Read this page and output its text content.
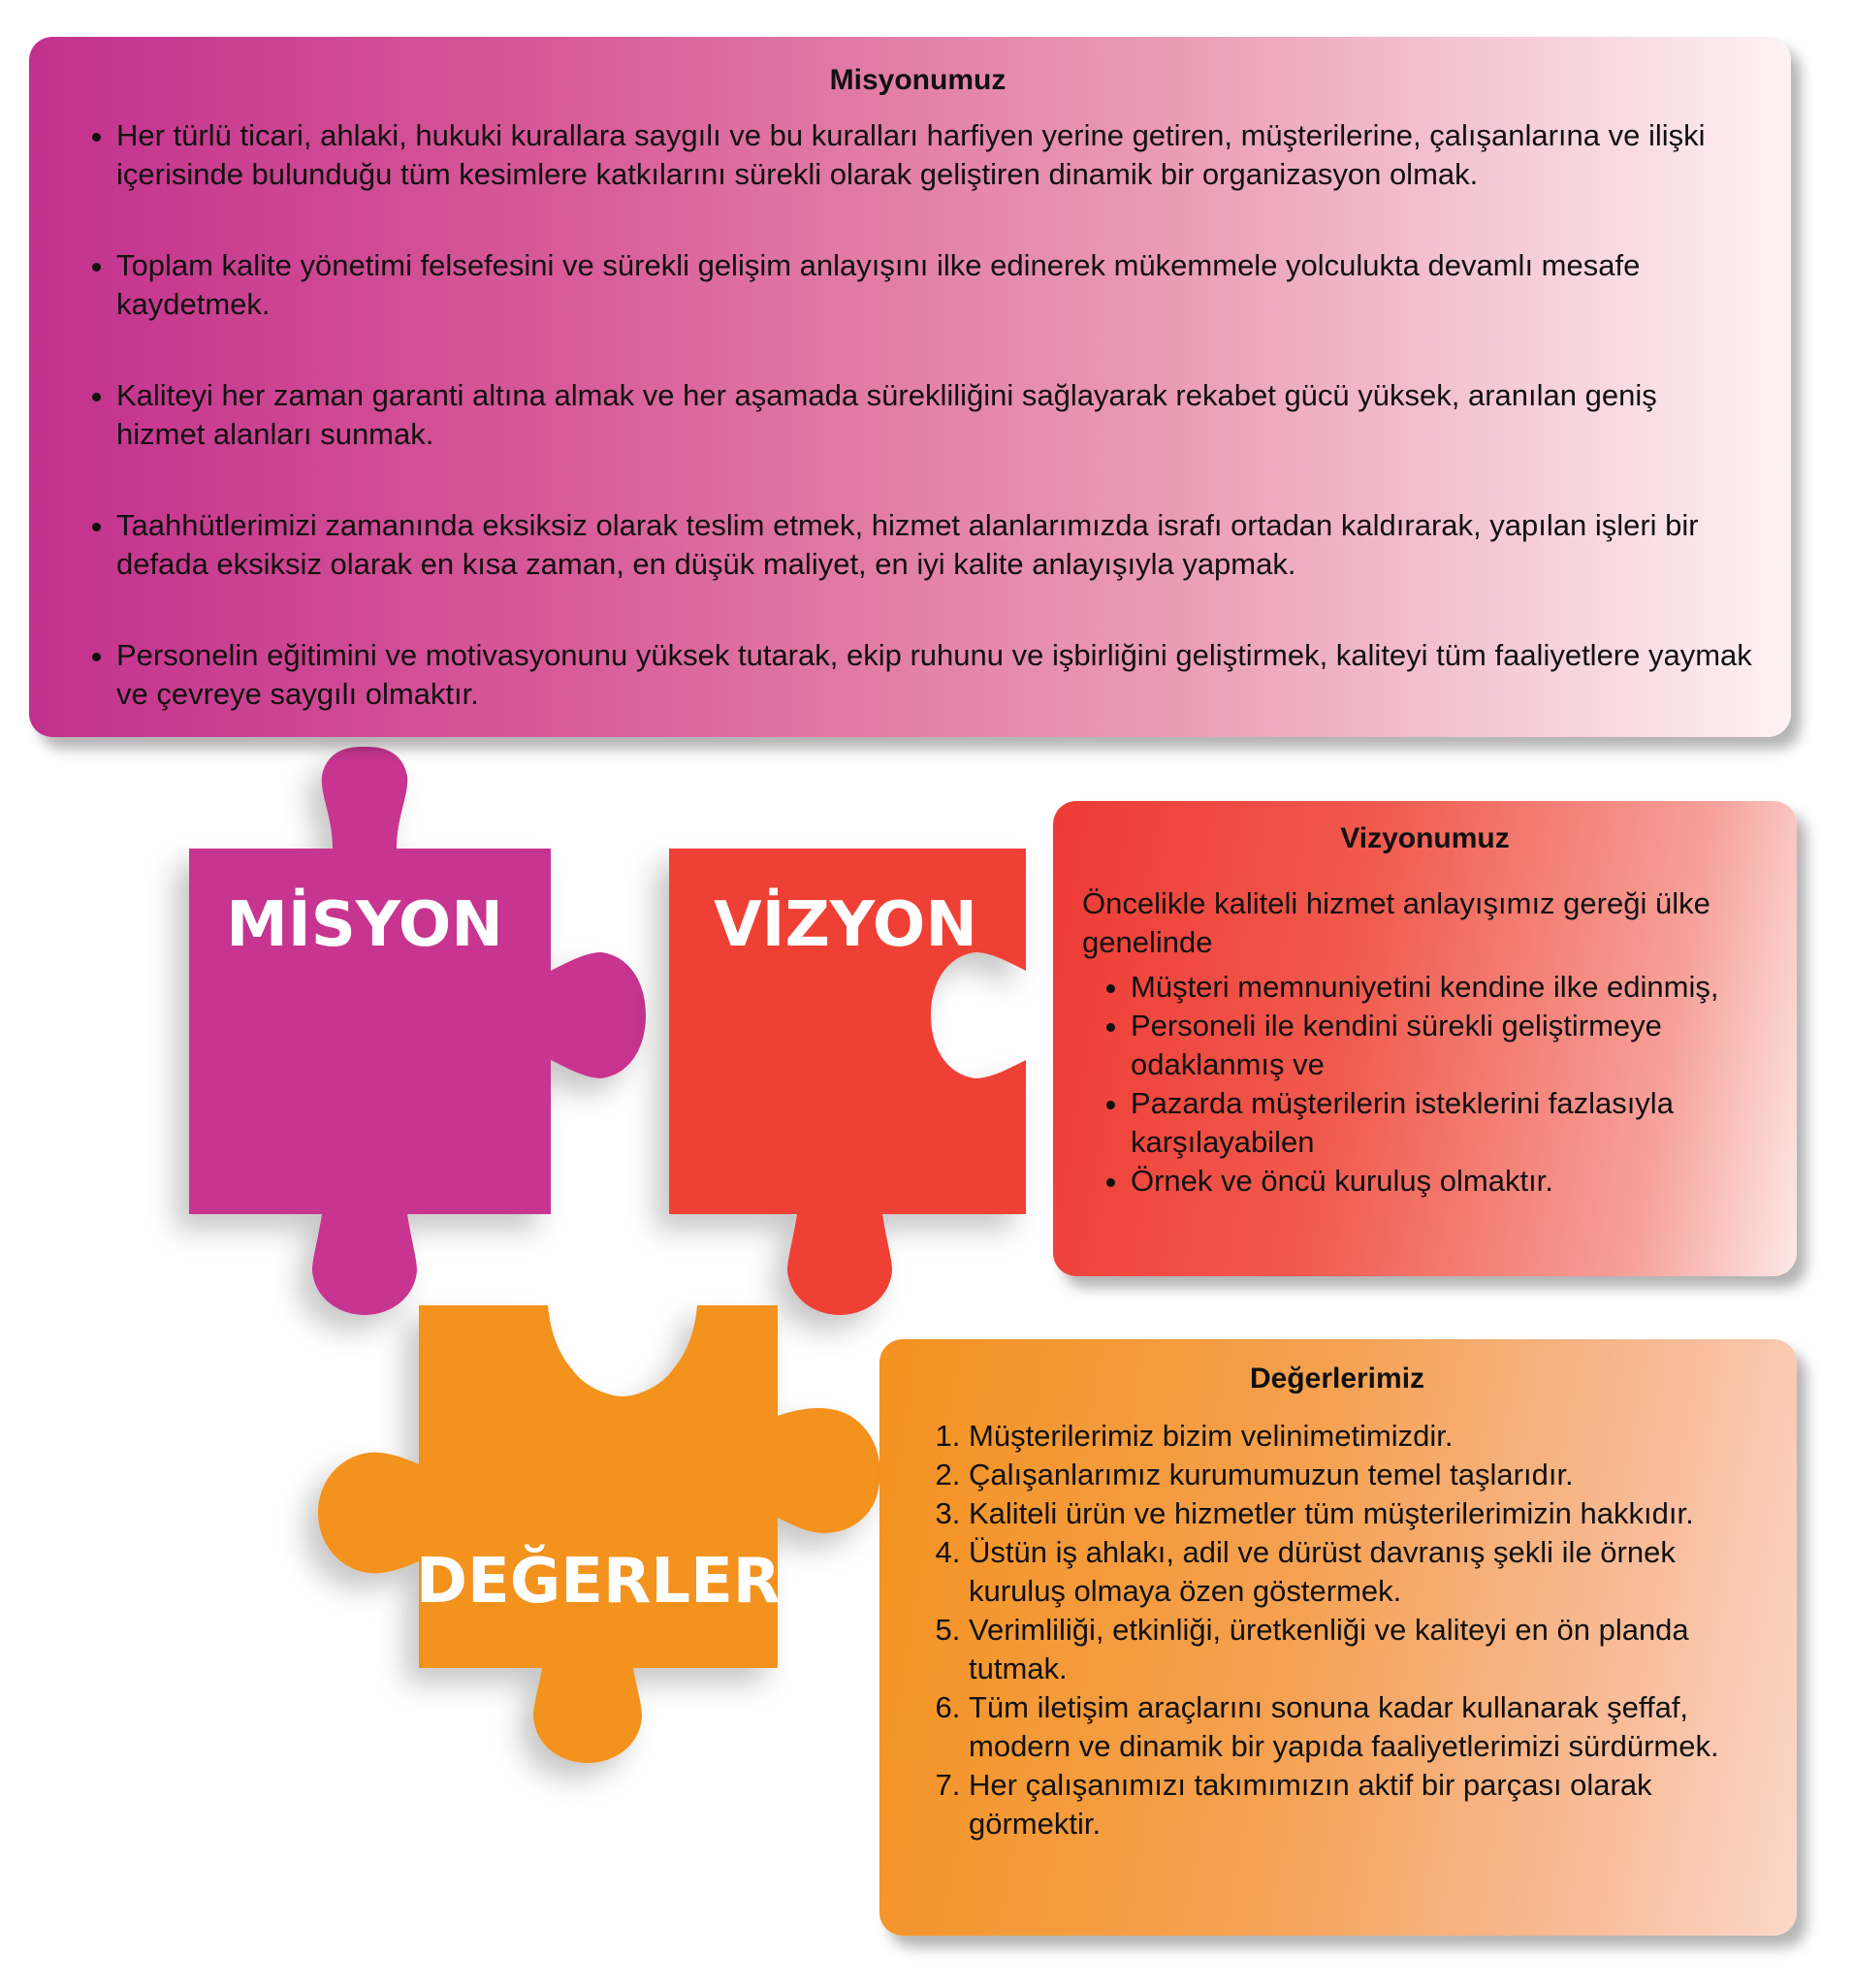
MİSYON	VİZYON
DEĞERLER
Misyonumuz
• Her türlü ticari, ahlaki, hukuki kurallara saygılı ve bu kuralları harfiyen yerine getiren, müşterilerine, çalışanlarına ve ilişki içerisinde bulunduğu tüm kesimlere katkılarını sürekli olarak geliştiren dinamik bir organizasyon olmak.
• Toplam kalite yönetimi felsefesini ve sürekli gelişim anlayışını ilke edinerek mükemmele yolculukta devamlı mesafe kaydetmek.
• Kaliteyi her zaman garanti altına almak ve her aşamada sürekliliğini sağlayarak rekabet gücü yüksek, aranılan geniş hizmet alanları sunmak.
• Taahhütlerimizi zamanında eksiksiz olarak teslim etmek, hizmet alanlarımızda israfı ortadan kaldırarak, yapılan işleri bir defada eksiksiz olarak en kısa zaman, en düşük maliyet, en iyi kalite anlayışıyla yapmak.
• Personelin eğitimini ve motivasyonunu yüksek tutarak, ekip ruhunu ve işbirliğini geliştirmek, kaliteyi tüm faaliyetlere yaymak ve çevreye saygılı olmaktır.
Vizyonumuz

Öncelikle kaliteli hizmet anlayışımız gereği ülke genelinde

• Müşteri memnuniyetini kendine ilke edinmiş,
• Personeli ile kendini sürekli geliştirmeye odaklanmış ve
• Pazarda müşterilerin isteklerini fazlasıyla karşılayabilen
• Örnek ve öncü kuruluş olmaktır.
Değerlerimiz
1. Müşterilerimiz bizim velinimetimizdir.
2. Çalışanlarımız kurumumuzun temel taşlarıdır.
3. Kaliteli ürün ve hizmetler tüm müşterilerimizin hakkıdır.
4. Üstün iş ahlakı, adil ve dürüst davranış şekli ile örnek kuruluş olmaya özen göstermek.
5. Verimliliği, etkinliği, üretkenliği ve kaliteyi en ön planda tutmak.
6. Tüm iletişim araçlarını sonuna kadar kullanarak şeffaf, modern ve dinamik bir yapıda faaliyetlerimizi sürdürmek.
7. Her çalışanımızı takımımızın aktif bir parçası olarak görmektir.
